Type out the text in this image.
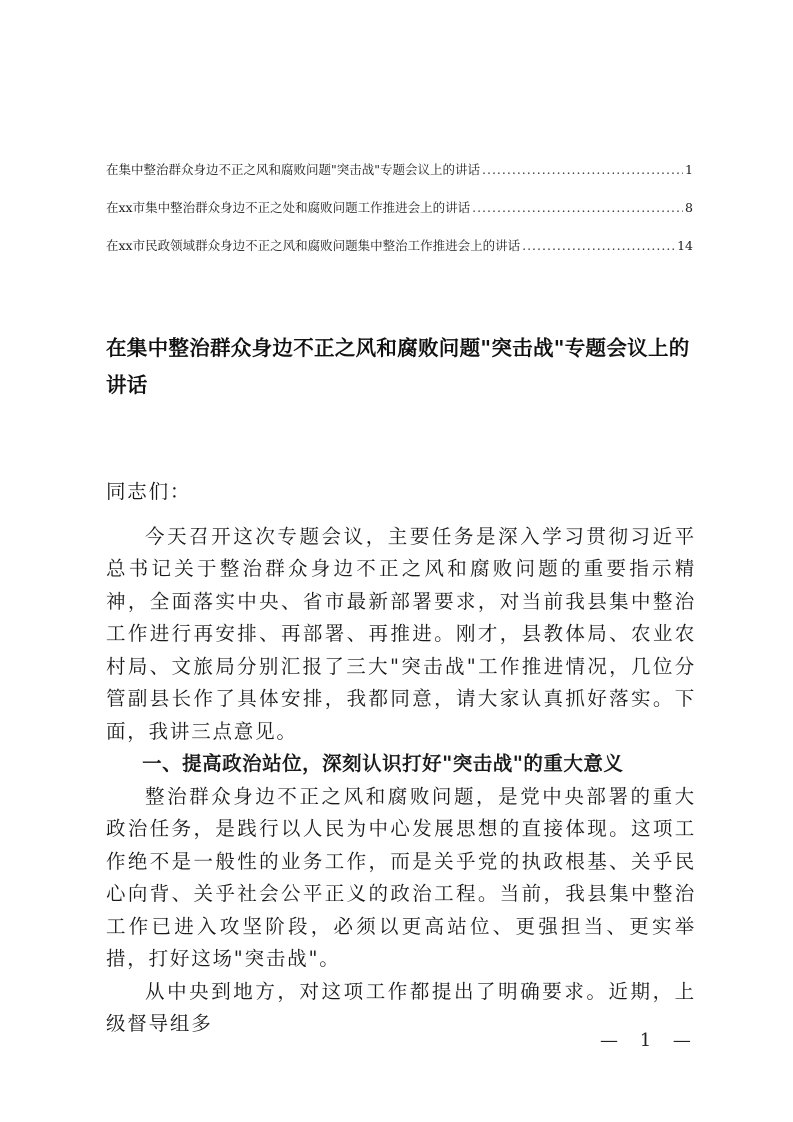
在集中整治群众身边不正之风和腐败问题"突击战"专题会议上的讲话 .....	1
在xx市集中整治群众身边不正之处和腐败问题工作推进会上的讲话 .....	8
在xx市民政领域群众身边不正之风和腐败问题集中整治工作推进会上的讲话 .....	14
在集中整治群众身边不正之风和腐败问题"突击战"专题会议上的讲话

同志们：

今天召开这次专题会议，主要任务是深入学习贯彻习近平总书记关于整治群众身边不正之风和腐败问题的重要指示精神，全面落实中央、省市最新部署要求，对当前我县集中整治工作进行再安排、再部署、再推进。刚才，县教体局、农业农村局、文旅局分别汇报了三大"突击战"工作推进情况，几位分管副县长作了具体安排，我都同意，请大家认真抓好落实。下面，我讲三点意见。

一、提高政治站位，深刻认识打好"突击战"的重大意义

整治群众身边不正之风和腐败问题，是党中央部署的重大政治任务，是践行以人民为中心发展思想的直接体现。这项工作绝不是一般性的业务工作，而是关乎党的执政根基、关乎民心向背、关乎社会公平正义的政治工程。当前，我县集中整治工作已进入攻坚阶段，必须以更高站位、更强担当、更实举措，打好这场"突击战"。

从中央到地方，对这项工作都提出了明确要求。近期，上级督导组多

— 1 —
